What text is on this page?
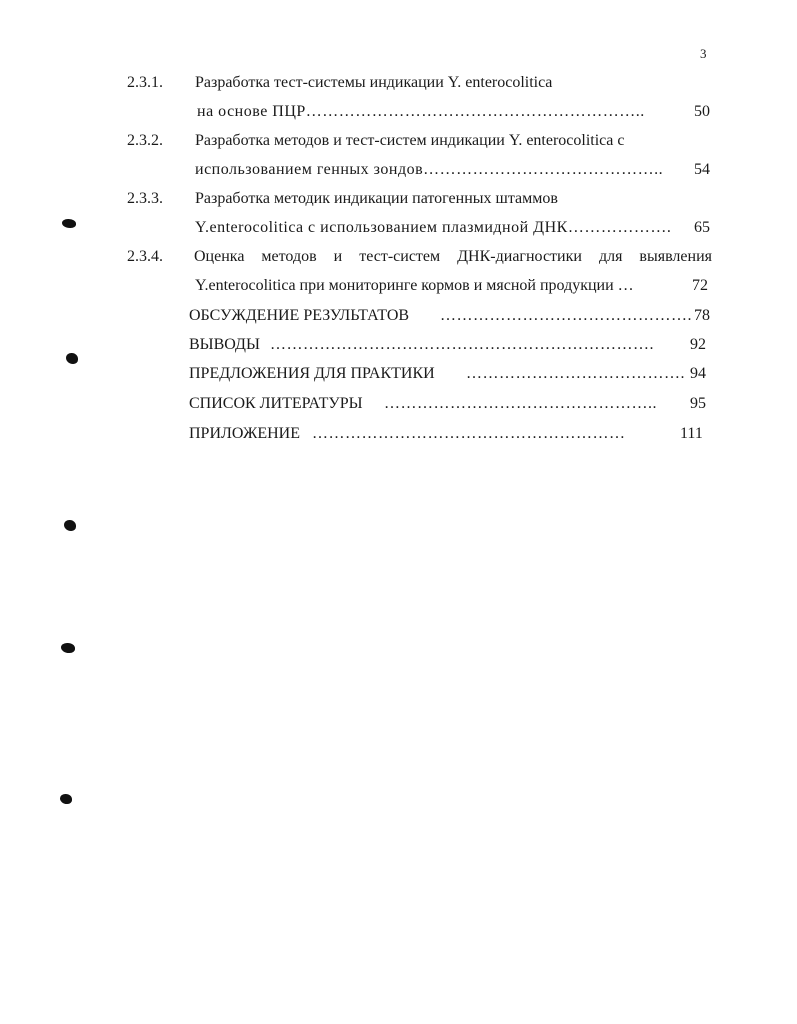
3
2.3.1.	Разработка тест-системы индикации Y. enterocolitica
на основе ПЦР……………………………………………………..	50
2.3.2.	Разработка методов и тест-систем индикации Y. enterocolitica с
использованием генных зондов…………………………………….. 54
2.3.3.	Разработка методик индикации патогенных штаммов
Y.enterocolitica с использованием плазмидной ДНК………………. 65
2.3.4.	Оценка методов и тест-систем ДНК-диагностики для выявления
Y.enterocolitica при мониторинге кормов и мясной продукции …	72
ОБСУЖДЕНИЕ РЕЗУЛЬТАТОВ ………………………………………. 78
ВЫВОДЫ ……………………………………………………………. 92
ПРЕДЛОЖЕНИЯ ДЛЯ ПРАКТИКИ …………………………………. 94
СПИСОК ЛИТЕРАТУРЫ ………………………………………….. 95
ПРИЛОЖЕНИЕ …………………………………………………	111
